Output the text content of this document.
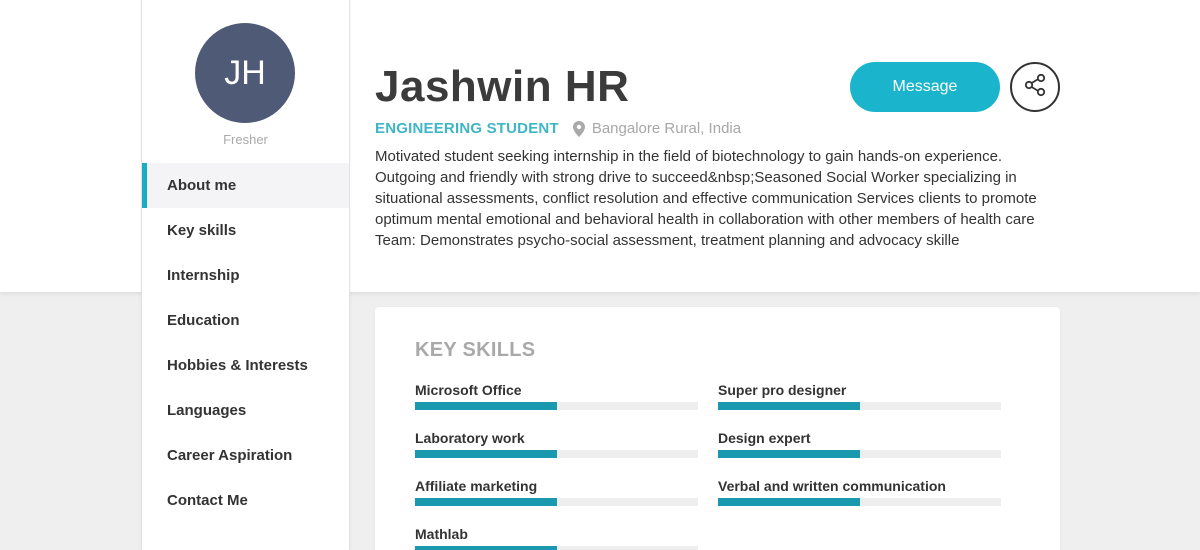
JH
Fresher
About me
Key skills
Internship
Education
Hobbies & Interests
Languages
Career Aspiration
Contact Me
Jashwin HR
ENGINEERING STUDENT Bangalore Rural, India

Motivated student seeking internship in the field of biotechnology to gain hands-on experience. Outgoing and friendly with strong drive to succeed&nbsp;Seasoned Social Worker specializing in situational assessments, conflict resolution and effective communication Services clients to promote optimum mental emotional and behavioral health in collaboration with other members of health care Team: Demonstrates psycho-social assessment, treatment planning and advocacy skille

Message
KEY SKILLS
Microsoft Office	Super pro designer
Laboratory work	Design expert
Affiliate marketing	Verbal and written communication
Mathlab
